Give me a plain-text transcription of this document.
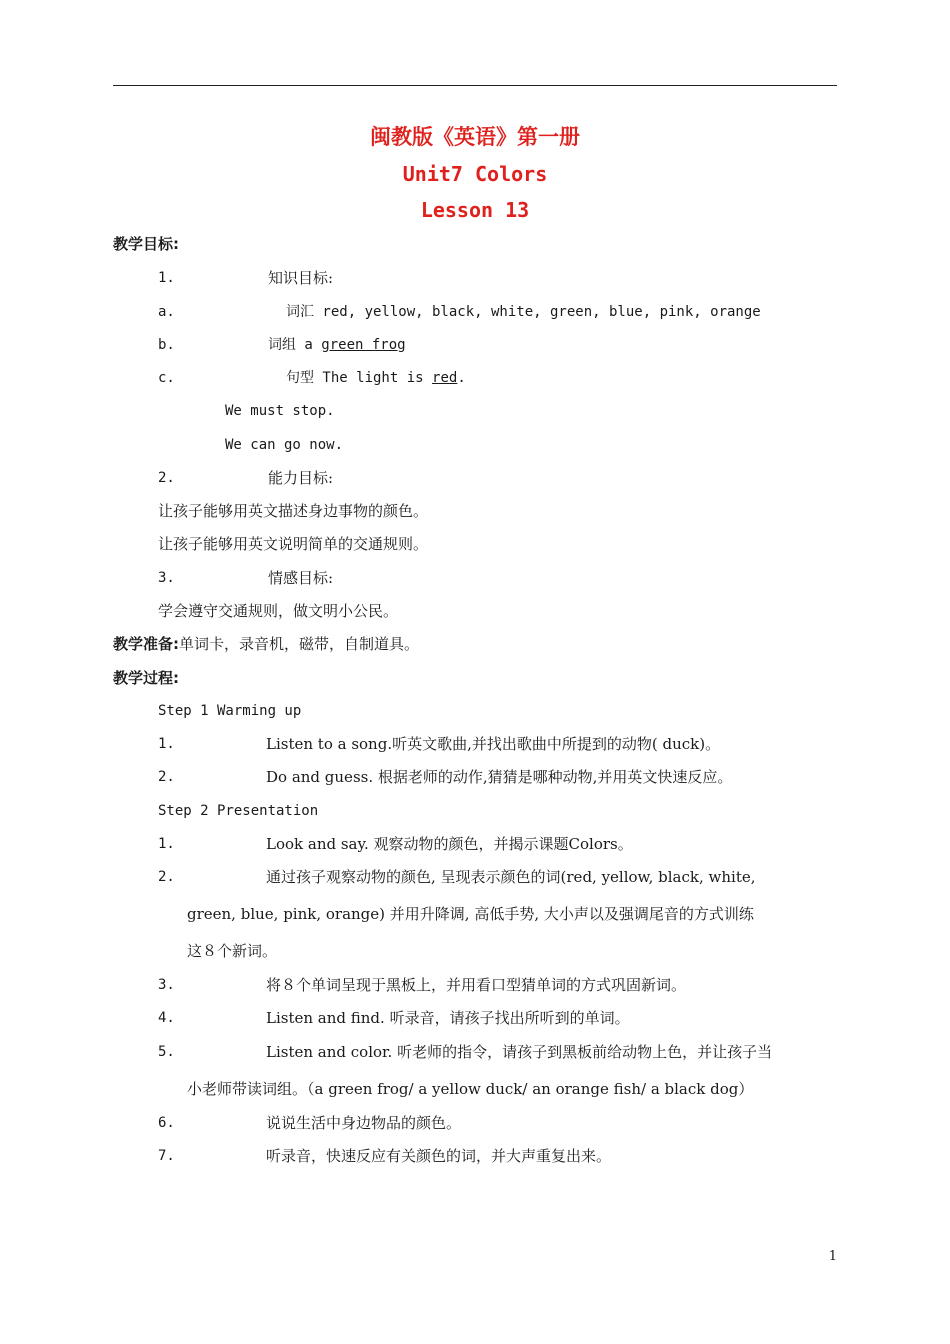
闽教版《英语》第一册
Unit7 Colors
Lesson 13
教学目标:
1.	知识目标:
a.	词汇 red, yellow, black, white, green, blue, pink, orange
b.	词组 a green frog
c.	句型 The light is red.
We must stop.
We can go now.
2.	能力目标:
让孩子能够用英文描述身边事物的颜色。
让孩子能够用英文说明简单的交通规则。
3.	情感目标:
学会遵守交通规则，做文明小公民。
教学准备:单词卡，录音机，磁带，自制道具。
教学过程:
Step 1 Warming up
1.	Listen to a song.听英文歌曲,并找出歌曲中所提到的动物( duck)。
2.	Do and guess. 根据老师的动作,猜猜是哪种动物,并用英文快速反应。
Step 2 Presentation
1.	Look and say. 观察动物的颜色，并揭示课题Colors。
2.	通过孩子观察动物的颜色, 呈现表示颜色的词(red, yellow, black, white,
green, blue, pink, orange) 并用升降调, 高低手势, 大小声以及强调尾音的方式训练
这８个新词。
3.	将８个单词呈现于黑板上，并用看口型猜单词的方式巩固新词。
4.	Listen and find. 听录音，请孩子找出所听到的单词。
5.	Listen and color. 听老师的指令，请孩子到黑板前给动物上色，并让孩子当
小老师带读词组。（a green frog/ a yellow duck/ an orange fish/ a black dog）
6.	说说生活中身边物品的颜色。
7.	听录音，快速反应有关颜色的词，并大声重复出来。
1
